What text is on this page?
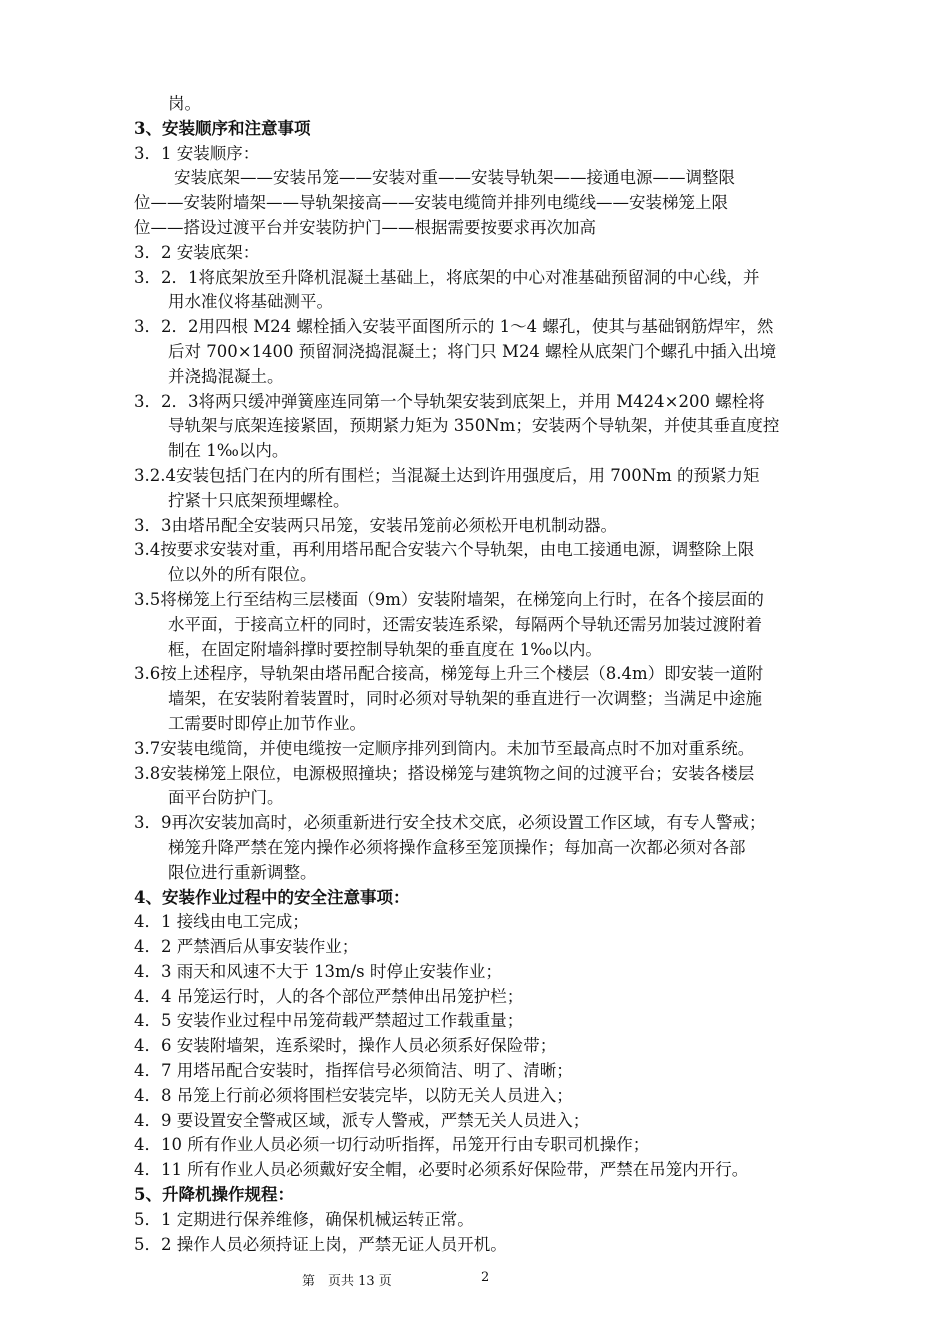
岗。
3、安装顺序和注意事项
3．1 安装顺序：
安装底架——安装吊笼——安装对重——安装导轨架——接通电源——调整限
位——安装附墙架——导轨架接高——安装电缆筒并排列电缆线——安装梯笼上限
位——搭设过渡平台并安装防护门——根据需要按要求再次加高
3．2 安装底架：
3．2．1将底架放至升降机混凝土基础上，将底架的中心对准基础预留洞的中心线，并
用水准仪将基础测平。
3．2．2用四根 M24 螺栓插入安装平面图所示的 1～4 螺孔，使其与基础钢筋焊牢，然
后对 700×1400 预留洞浇捣混凝土；将门只 M24 螺栓从底架门个螺孔中插入出境
并浇捣混凝土。
3．2．3将两只缓冲弹簧座连同第一个导轨架安装到底架上，并用 M424×200 螺栓将
导轨架与底架连接紧固，预期紧力矩为 350Nm；安装两个导轨架，并使其垂直度控
制在 1‰以内。
3.2.4安装包括门在内的所有围栏；当混凝土达到许用强度后，用 700Nm 的预紧力矩
拧紧十只底架预埋螺栓。
3．3由塔吊配全安装两只吊笼，安装吊笼前必须松开电机制动器。
3.4按要求安装对重，再利用塔吊配合安装六个导轨架，由电工接通电源，调整除上限
位以外的所有限位。
3.5将梯笼上行至结构三层楼面（9m）安装附墙架，在梯笼向上行时，在各个接层面的
水平面，于接高立杆的同时，还需安装连系梁，每隔两个导轨还需另加装过渡附着
框，在固定附墙斜撑时要控制导轨架的垂直度在 1‰以内。
3.6按上述程序，导轨架由塔吊配合接高，梯笼每上升三个楼层（8.4m）即安装一道附
墙架，在安装附着装置时，同时必须对导轨架的垂直进行一次调整；当满足中途施
工需要时即停止加节作业。
3.7安装电缆筒，并使电缆按一定顺序排列到筒内。未加节至最高点时不加对重系统。
3.8安装梯笼上限位，电源极照撞块；搭设梯笼与建筑物之间的过渡平台；安装各楼层
面平台防护门。
3．9再次安装加高时，必须重新进行安全技术交底，必须设置工作区域，有专人警戒；
梯笼升降严禁在笼内操作必须将操作盒移至笼顶操作；每加高一次都必须对各部
限位进行重新调整。
4、安装作业过程中的安全注意事项：
4．1 接线由电工完成；
4．2 严禁酒后从事安装作业；
4．3 雨天和风速不大于 13m/s 时停止安装作业；
4．4 吊笼运行时，人的各个部位严禁伸出吊笼护栏；
4．5 安装作业过程中吊笼荷载严禁超过工作载重量；
4．6 安装附墙架，连系梁时，操作人员必须系好保险带；
4．7 用塔吊配合安装时，指挥信号必须简洁、明了、清晰；
4．8 吊笼上行前必须将围栏安装完毕，以防无关人员进入；
4．9 要设置安全警戒区域，派专人警戒，严禁无关人员进入；
4．10 所有作业人员必须一切行动听指挥，吊笼开行由专职司机操作；
4．11 所有作业人员必须戴好安全帽，必要时必须系好保险带，严禁在吊笼内开行。
5、升降机操作规程：
5．1 定期进行保养维修，确保机械运转正常。
5．2 操作人员必须持证上岗，严禁无证人员开机。
第　页共 13 页	2
